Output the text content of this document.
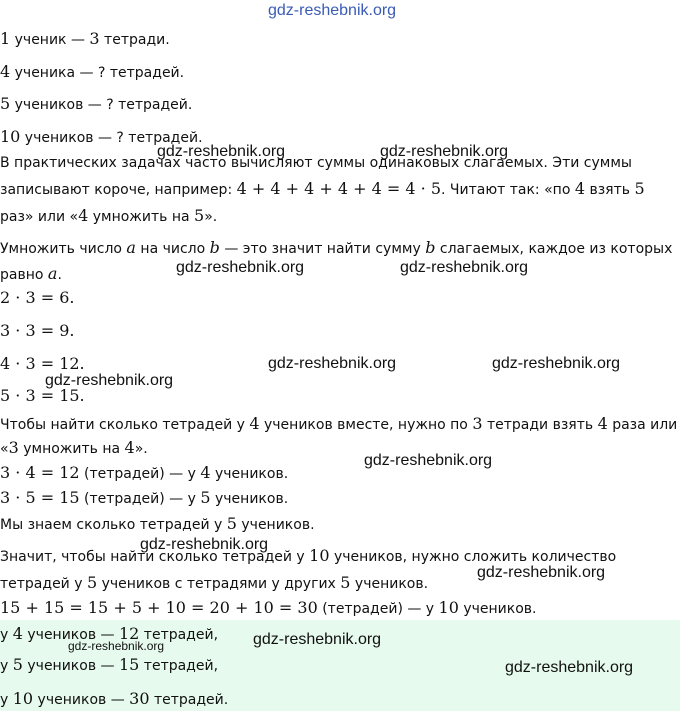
1 ученик — 3 тетради.
4 ученика — ? тетрадей.
5 учеников — ? тетрадей.
10 учеников — ? тетрадей.
В практических задачах часто вычисляют суммы одинаковых слагаемых. Эти суммы
записывают короче, например: 4 + 4 + 4 + 4 + 4 = 4 · 5. Читают так: «по 4 взять 5
раз» или «4 умножить на 5».
Умножить число a на число b — это значит найти сумму b слагаемых, каждое из которых
равно a.
2 · 3 = 6.
3 · 3 = 9.
4 · 3 = 12.
5 · 3 = 15.
Чтобы найти сколько тетрадей у 4 учеников вместе, нужно по 3 тетради взять 4 раза или
«3 умножить на 4».
3 · 4 = 12 (тетрадей) — у 4 учеников.
3 · 5 = 15 (тетрадей) — у 5 учеников.
Мы знаем сколько тетрадей у 5 учеников.
Значит, чтобы найти сколько тетрадей у 10 учеников, нужно сложить количество
тетрадей у 5 учеников с тетрадями у других 5 учеников.
15 + 15 = 15 + 5 + 10 = 20 + 10 = 30 (тетрадей) — у 10 учеников.
у 4 учеников — 12 тетрадей,
у 5 учеников — 15 тетрадей,
у 10 учеников — 30 тетрадей.
gdz-reshebnik.org
gdz-reshebnik.org	gdz-reshebnik.org
gdz-reshebnik.org	gdz-reshebnik.org
gdz-reshebnik.org	gdz-reshebnik.org
gdz-reshebnik.org
gdz-reshebnik.org
gdz-reshebnik.org
gdz-reshebnik.org
gdz-reshebnik.org
gdz-reshebnik.org
gdz-reshebnik.org
